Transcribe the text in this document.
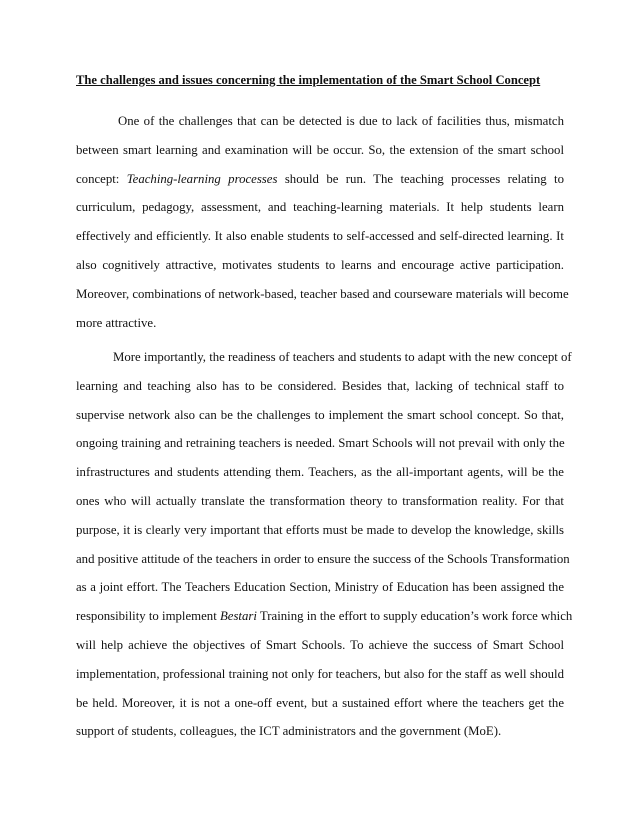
The challenges and issues concerning the implementation of the Smart School Concept

One of the challenges that can be detected is due to lack of facilities thus, mismatch
between smart learning and examination will be occur. So, the extension of the smart school
concept: Teaching-learning processes should be run. The teaching processes relating to
curriculum, pedagogy, assessment, and teaching-learning materials. It help students learn
effectively and efficiently. It also enable students to self-accessed and self-directed learning. It
also cognitively attractive, motivates students to learns and encourage active participation.
Moreover, combinations of network-based, teacher based and courseware materials will become
more attractive.
More importantly, the readiness of teachers and students to adapt with the new concept of
learning and teaching also has to be considered. Besides that, lacking of technical staff to
supervise network also can be the challenges to implement the smart school concept. So that,
ongoing training and retraining teachers is needed. Smart Schools will not prevail with only the
infrastructures and students attending them. Teachers, as the all-important agents, will be the
ones who will actually translate the transformation theory to transformation reality. For that
purpose, it is clearly very important that efforts must be made to develop the knowledge, skills
and positive attitude of the teachers in order to ensure the success of the Schools Transformation
as a joint effort. The Teachers Education Section, Ministry of Education has been assigned the
responsibility to implement Bestari Training in the effort to supply education’s work force which
will help achieve the objectives of Smart Schools. To achieve the success of Smart School
implementation, professional training not only for teachers, but also for the staff as well should
be held. Moreover, it is not a one-off event, but a sustained effort where the teachers get the
support of students, colleagues, the ICT administrators and the government (MoE).
